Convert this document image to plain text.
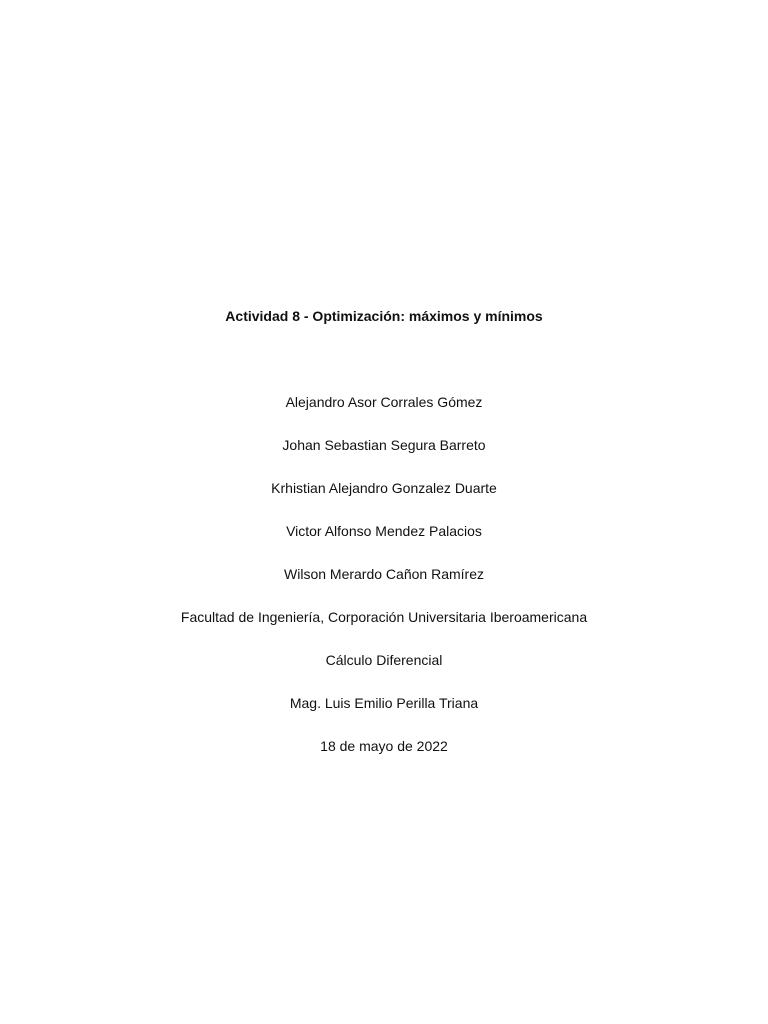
Actividad 8 - Optimización: máximos y mínimos
Alejandro Asor Corrales Gómez
Johan Sebastian Segura Barreto
Krhistian Alejandro Gonzalez Duarte
Victor Alfonso Mendez Palacios
Wilson Merardo Cañon Ramírez
Facultad de Ingeniería, Corporación Universitaria Iberoamericana
Cálculo Diferencial
Mag. Luis Emilio Perilla Triana
18 de mayo de 2022
